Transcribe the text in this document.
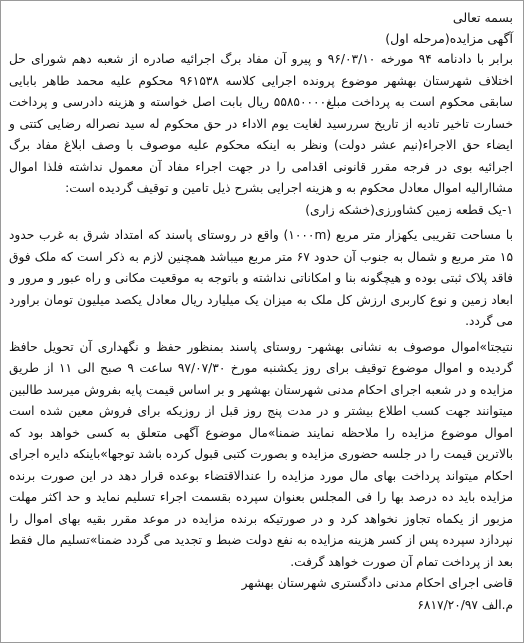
بسمه تعالی
آگهی مزایده(مرحله اول)

برابر با دادنامه ۹۴ مورخه ۹۶/۰۳/۱۰ و پیرو آن مفاد برگ اجرائیه صادره از شعبه دهم شورای حل اختلاف شهرستان بهشهر موضوع پرونده اجرایی کلاسه ۹۶۱۵۳۸ محکوم علیه محمد طاهر بابایی سابقی محکوم است به پرداخت مبلغ۵۵۸۵۰۰۰۰ ریال بابت اصل خواسته و هزینه دادرسی و پرداخت خسارت تاخیر تادیه از تاریخ سررسید لغایت یوم الاداء در حق محکوم له سید نصراله رضایی کتتی و ایضاء حق الاجراء(نیم عشر دولت) ونظر به اینکه محکوم علیه موصوف با وصف ابلاغ مفاد برگ اجرائیه بوی در فرجه مقرر قانونی اقدامی را در جهت اجراء مفاد آن معمول نداشته فلذا اموال مشاارالیه اموال معادل محکوم به و هزینه اجرایی بشرح ذیل تامین و توقیف گردیده است:

۱-یک قطعه زمین کشاورزی(خشکه زاری)

با مساحت تقریبی یکهزار متر مربع (۱۰۰۰m) واقع در روستای پاسند که امتداد شرق به غرب حدود ۱۵ متر مربع و شمال به جنوب آن حدود ۶۷ متر مربع میباشد همچنین لازم به ذکر است که ملک فوق فاقد پلاک ثبتی بوده و هیچگونه بنا و امکاناتی نداشته و باتوجه به موقعیت مکانی و راه عبور و مرور و ابعاد زمین و نوع کاربری ارزش کل ملک به میزان یک میلیارد ریال معادل یکصد میلیون تومان براورد می گردد.

نتیجتا»اموال موصوف به نشانی بهشهر- روستای پاسند بمنظور حفظ و نگهداری آن تحویل حافظ گردیده و اموال موضوع توقیف برای روز یکشنبه مورخ ۹۷/۰۷/۳۰ ساعت ۹ صبح الی ۱۱ از طریق مزایده و در شعبه اجرای احکام مدنی شهرستان بهشهر و بر اساس قیمت پایه بفروش میرسد طالبین میتوانند جهت کسب اطلاع بیشتر و در مدت پنج روز قبل از روزیکه برای فروش معین شده است اموال موضوع مزایده را ملاحظه نمایند ضمنا»مال موضوع آگهی متعلق به کسی خواهد بود که بالاترین قیمت را در جلسه حضوری مزایده و بصورت کتبی قبول کرده باشد توجها»باینکه دایره اجرای احکام میتواند پرداخت بهای مال مورد مزایده را عندالاقتضاء بوعده قرار دهد در این صورت برنده مزایده باید ده درصد بها را فی المجلس بعنوان سپرده بقسمت اجراء تسلیم نماید و حد اکثر مهلت مزبور از یکماه تجاوز نخواهد کرد و در صورتیکه برنده مزایده در موعد مقرر بقیه بهای اموال را نپردازد سپرده پس از کسر هزینه مزایده به نفع دولت ضبط و تجدید می گردد ضمنا»تسلیم مال فقط بعد از پرداخت تمام آن صورت خواهد گرفت.

قاضی اجرای احکام مدنی دادگستری شهرستان بهشهر

م.الف ۶۸۱۷/۲۰/۹۷
